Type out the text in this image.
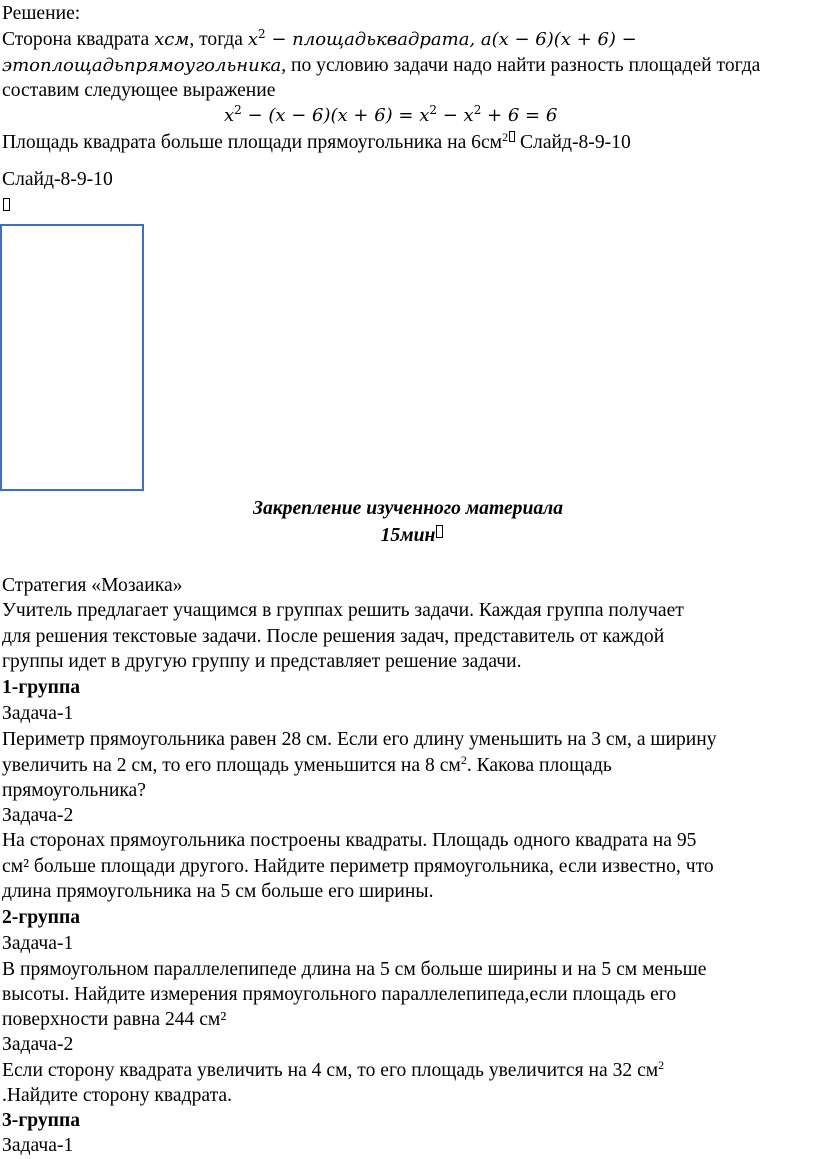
Решение:
Сторона квадрата хсм, тогда $x^2$ − площадьквадрата, а(x − 6)(x + 6) −
этоплощадьпрямоугольника, по условию задачи надо найти разность площадей тогда
составим следующее выражение
$x^2 - (x - 6)(x + 6) = x^2 - x^2 + 6 = 6$
Площадь квадрата больше площади прямоугольника на $6см^2$ Слайд-8-9-10
Слайд-8-9-10
Закрепление изученного материала
15мин
Стратегия «Мозаика»
Учитель предлагает учащимся в группах решить задачи. Каждая группа получает
для решения текстовые задачи. После решения задач, представитель от каждой
группы идет в другую группу и представляет решение задачи.
1-группа
Задача-1
Периметр прямоугольника равен 28 см. Если его длину уменьшить на 3 см, а ширину
увеличить на 2 см, то его площадь уменьшится на 8 $см^2$. Какова площадь
прямоугольника?
Задача-2
На сторонах прямоугольника построены квадраты. Площадь одного квадрата на 95
см² больше площади другого. Найдите периметр прямоугольника, если известно, что
длина прямоугольника на 5 см больше его ширины.
2-группа
Задача-1
В прямоугольном параллелепипеде длина на 5 см больше ширины и на 5 см меньше
высоты. Найдите измерения прямоугольного параллелепипеда,если площадь его
поверхности равна 244 см²
Задача-2
Если сторону квадрата увеличить на 4 см, то его площадь увеличится на 32 $см^2$
.Найдите сторону квадрата.
3-группа
Задача-1
